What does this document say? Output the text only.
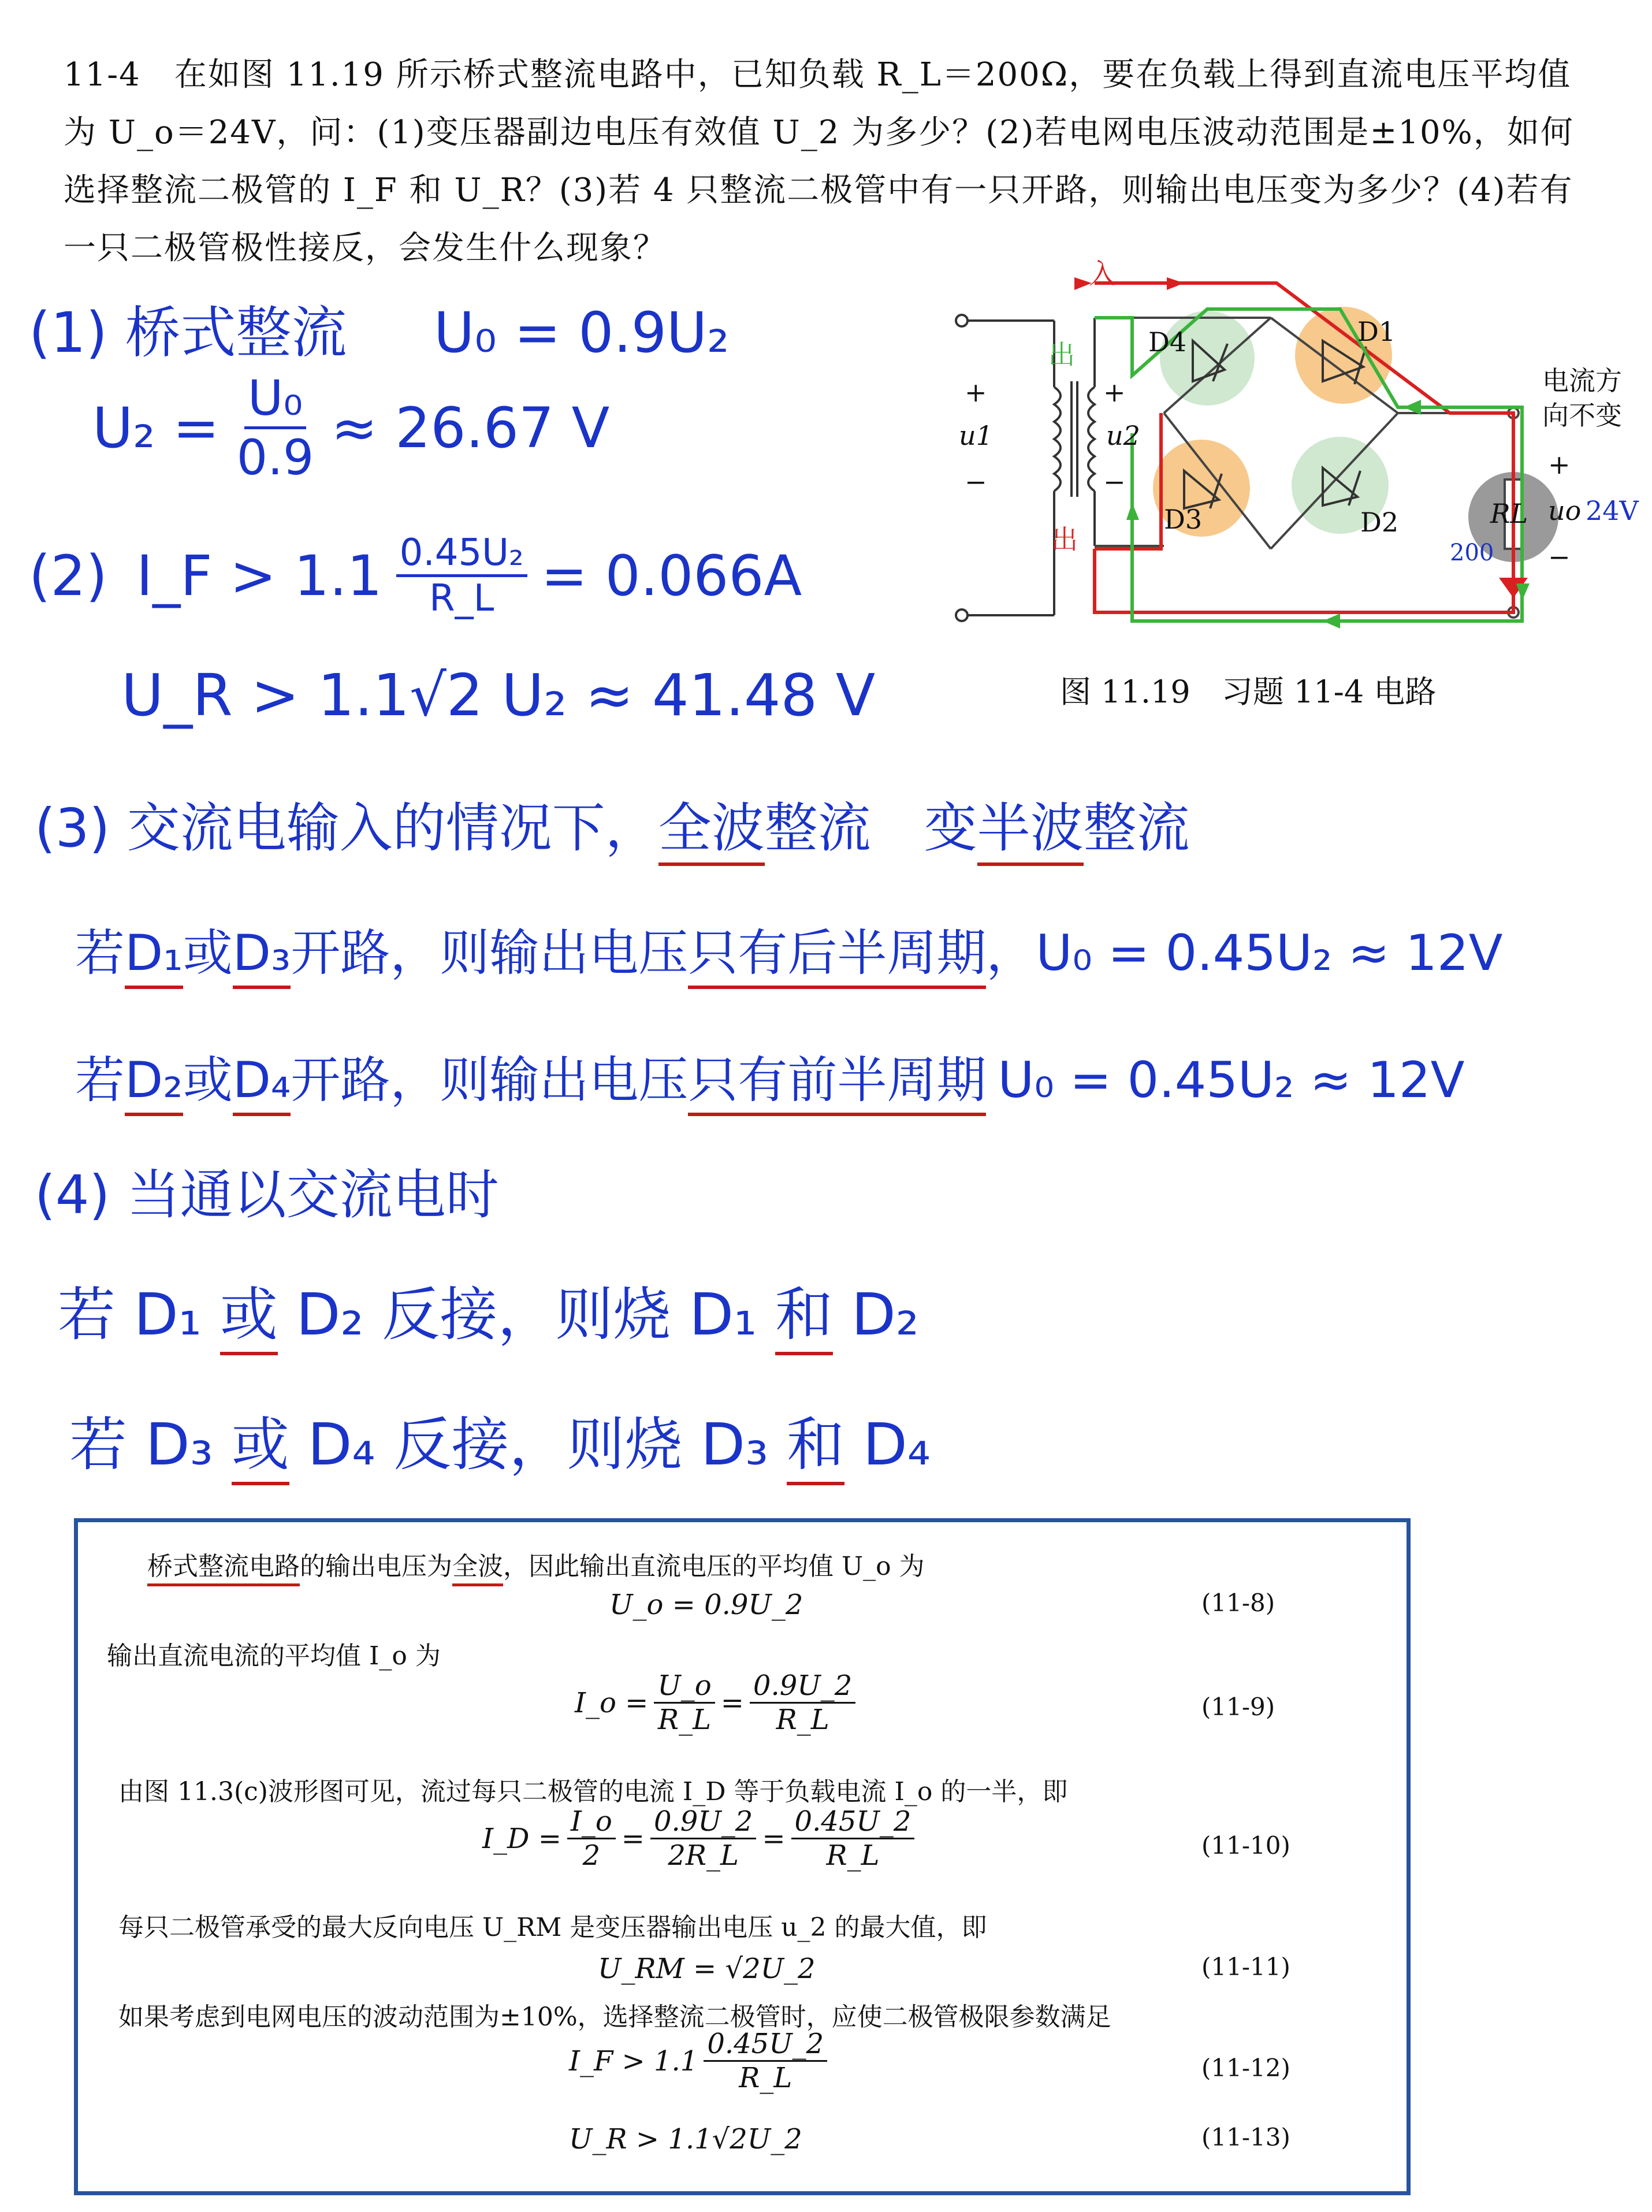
11-4　在如图 11.19 所示桥式整流电路中，已知负载 R_L＝200Ω，要在负载上得到直流电压平均值为 U_o＝24V，问：(1)变压器副边电压有效值 U_2 为多少？(2)若电网电压波动范围是±10%，如何选择整流二极管的 I_F 和 U_R？(3)若 4 只整流二极管中有一只开路，则输出电压变为多少？(4)若有一只二极管极性接反，会发生什么现象？
(1) 桥式整流 U₀ = 0.9U₂
$U_2 = \frac{\text{U₀}}{0.9} \approx 26.67$ V
(2) I_F > $1.1 \frac{\text{0.45U₂}}{R\_L} = 0.066A$
U_R > 1.1√2 U₂ ≈ 41.48 V
(3) 交流电输入的情况下，全波整流　变半波整流
若D₁或D₃开路，则输出电压只有后半周期，U₀ = 0.45U₂ ≈ 12V
若D₂或D₄开路，则输出电压只有前半周期 U₀ = 0.45U₂ ≈ 12V
(4) 当通以交流电时
若 D₁ 或 D₂ 反接，则烧 D₁ 和 D₂
若 D₃ 或 D₄ 反接，则烧 D₃ 和 D₄
D4	D1
D3	D2
+
u1
−
+
u2
−
RL
+
uo
−
入
出
出
电流方
向不变
24V
200
图 11.19　习题 11-4 电路
桥式整流电路的输出电压为全波，因此输出直流电压的平均值 U_o 为
U_o = 0.9U_2	(11-8)
输出直流电流的平均值 I_o 为
I_o = $\frac{U\_o}{R\_L} = \frac{0.9U\_2}{R\_L}$	(11-9)
由图 11.3(c)波形图可见，流过每只二极管的电流 I_D 等于负载电流 I_o 的一半，即
I_D = $\frac{I\_o}{2} = \frac{0.9U\_2}{2R\_L} = \frac{0.45U\_2}{R\_L}$	(11-10)
每只二极管承受的最大反向电压 U_RM 是变压器输出电压 u_2 的最大值，即
U_RM = √2U_2	(11-11)
如果考虑到电网电压的波动范围为±10%，选择整流二极管时，应使二极管极限参数满足
I_F > $1.1 \frac{0.45U\_2}{R\_L}$	(11-12)
U_R > 1.1√2U_2	(11-13)
